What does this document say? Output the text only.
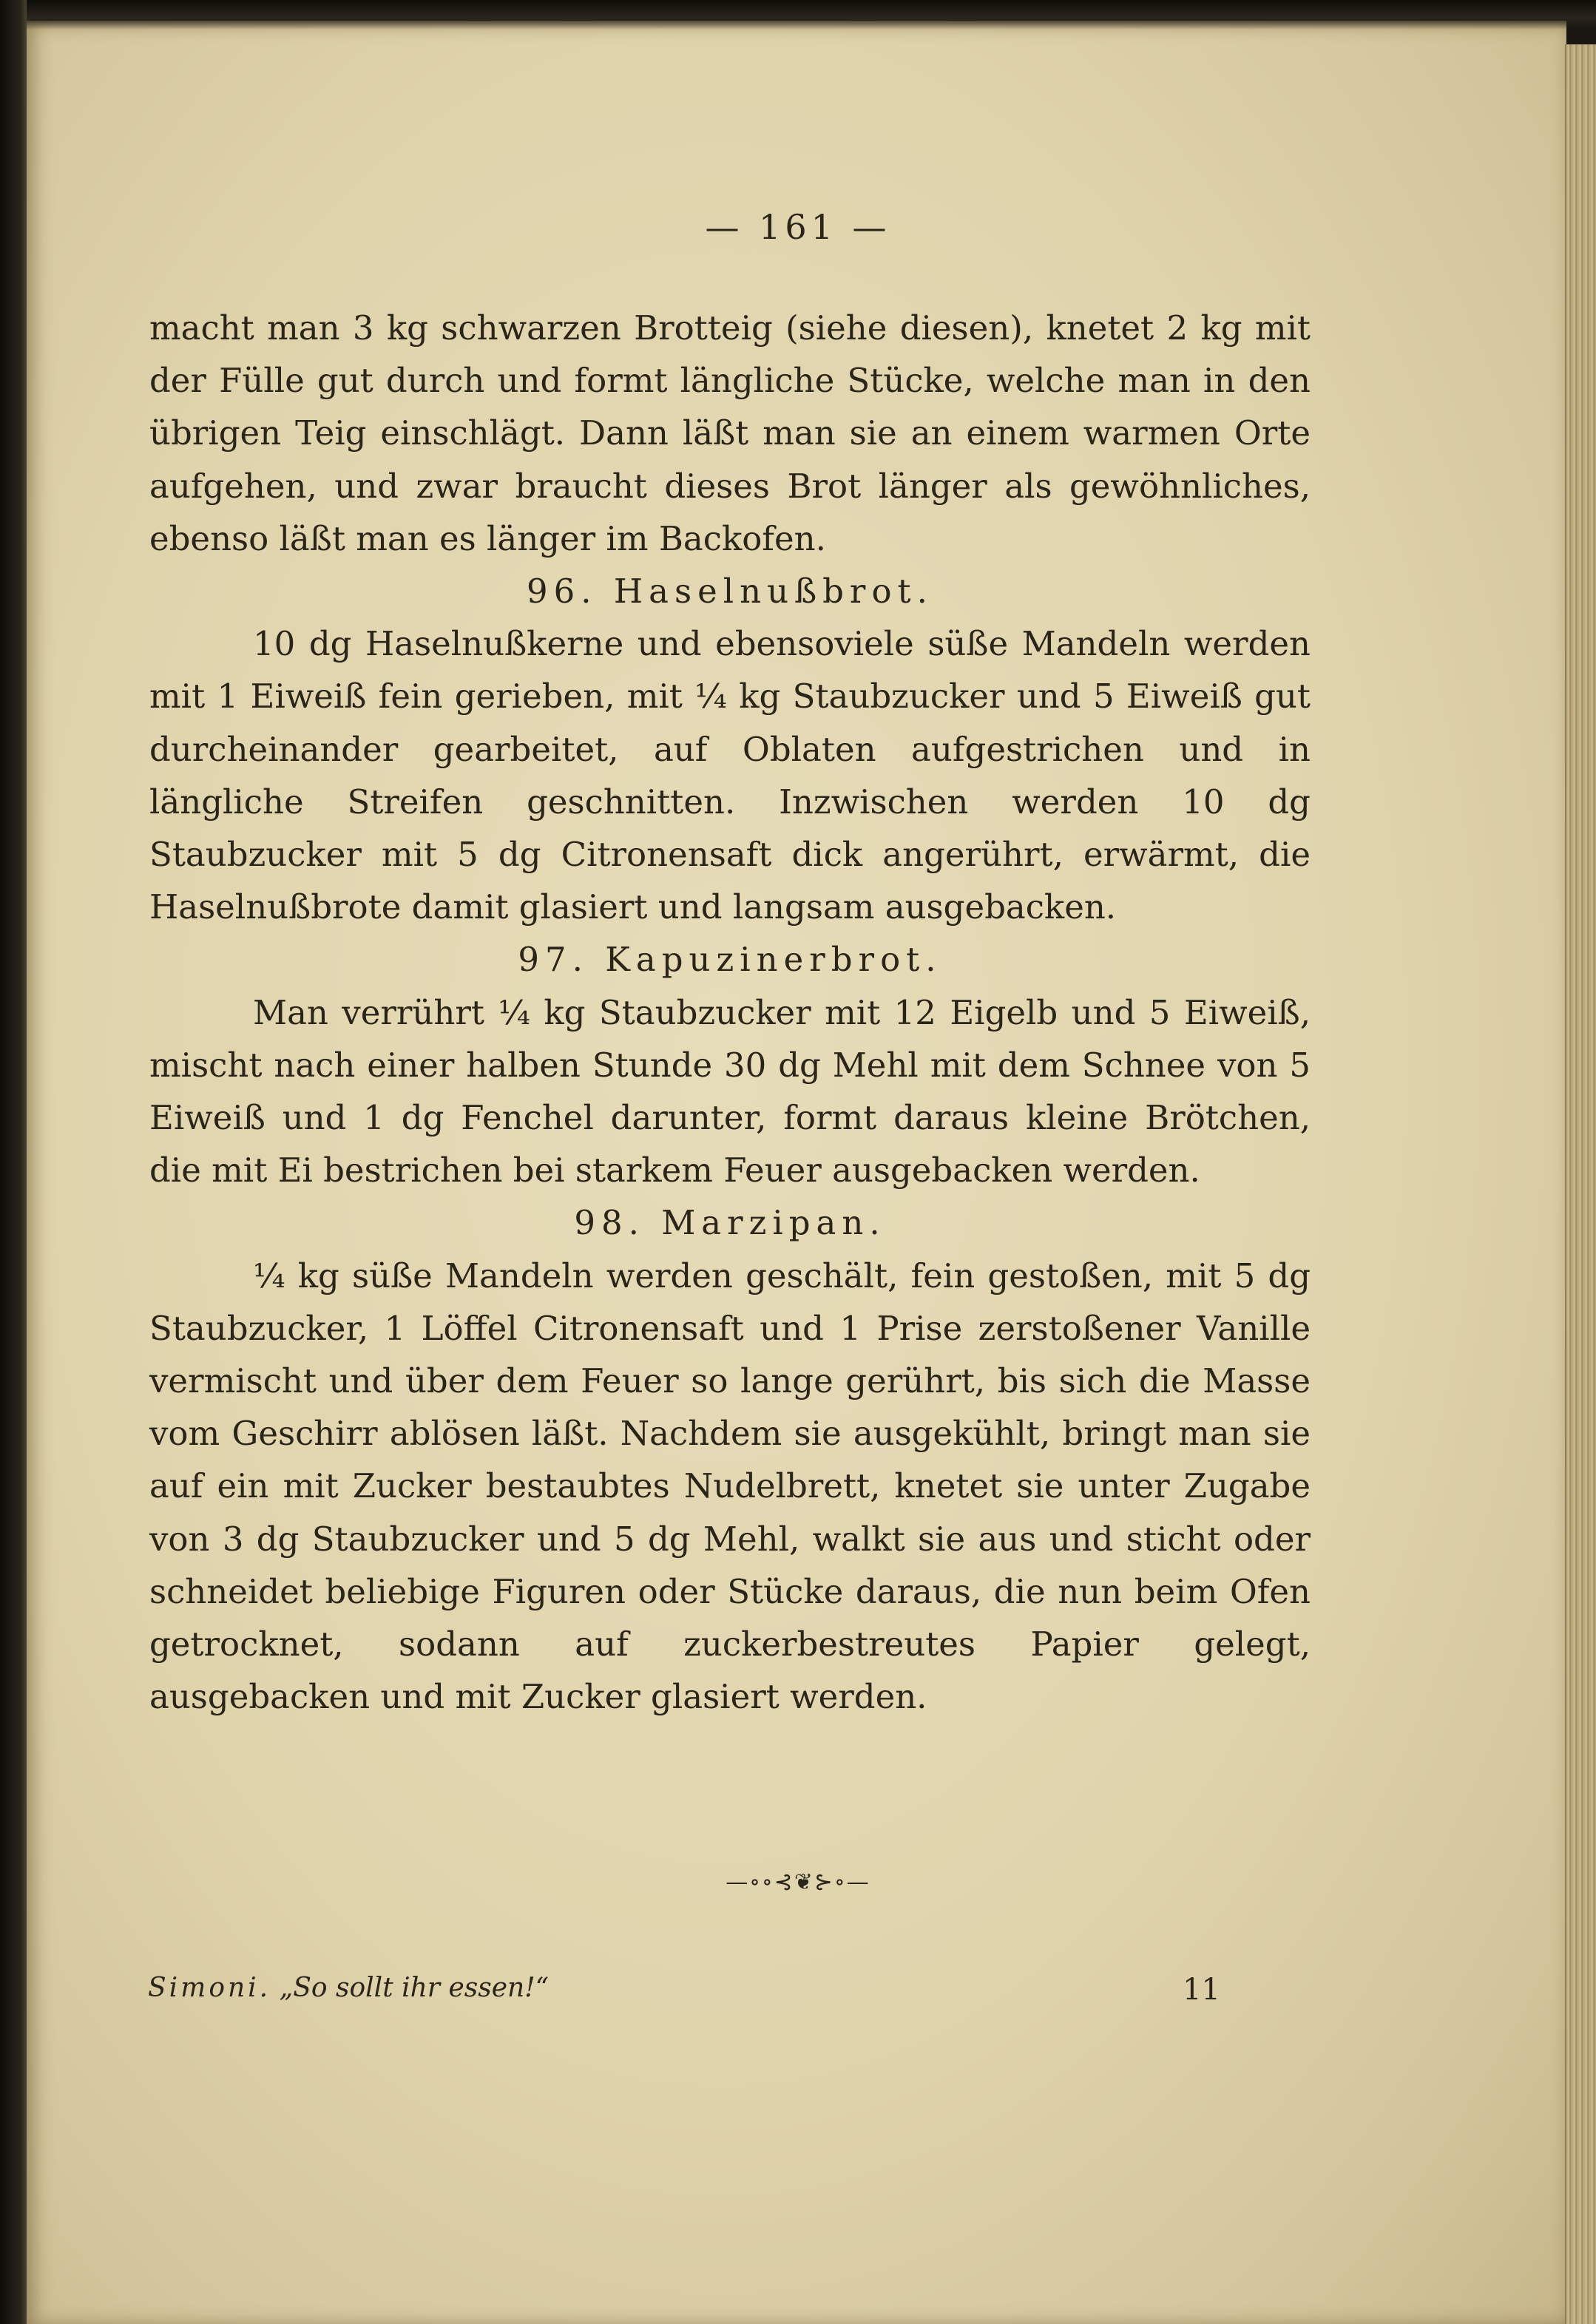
— 161 —

macht man 3 kg schwarzen Brotteig (siehe diesen), knetet 2 kg mit der Fülle gut durch und formt längliche Stücke, welche man in den übrigen Teig einschlägt. Dann läßt man sie an einem warmen Orte aufgehen, und zwar braucht dieses Brot länger als gewöhnliches, ebenso läßt man es länger im Backofen.

96. Haselnußbrot.

10 dg Haselnußkerne und ebensoviele süße Mandeln werden mit 1 Eiweiß fein gerieben, mit ¼ kg Staubzucker und 5 Eiweiß gut durcheinander gearbeitet, auf Oblaten aufgestrichen und in längliche Streifen geschnitten. Inzwischen werden 10 dg Staubzucker mit 5 dg Citronensaft dick angerührt, erwärmt, die Haselnußbrote damit glasiert und langsam ausgebacken.

97. Kapuzinerbrot.

Man verrührt ¼ kg Staubzucker mit 12 Eigelb und 5 Eiweiß, mischt nach einer halben Stunde 30 dg Mehl mit dem Schnee von 5 Eiweiß und 1 dg Fenchel darunter, formt daraus kleine Brötchen, die mit Ei bestrichen bei starkem Feuer ausgebacken werden.

98. Marzipan.

¼ kg süße Mandeln werden geschält, fein gestoßen, mit 5 dg Staubzucker, 1 Löffel Citronensaft und 1 Prise zerstoßener Vanille vermischt und über dem Feuer so lange gerührt, bis sich die Masse vom Geschirr ablösen läßt. Nachdem sie ausgekühlt, bringt man sie auf ein mit Zucker bestaubtes Nudelbrett, knetet sie unter Zugabe von 3 dg Staubzucker und 5 dg Mehl, walkt sie aus und sticht oder schneidet beliebige Figuren oder Stücke daraus, die nun beim Ofen getrocknet, sodann auf zuckerbestreutes Papier gelegt, ausgebacken und mit Zucker glasiert werden.

—∘∘⊰❦⊱∘—
Simoni. „So sollt ihr essen!“	11
